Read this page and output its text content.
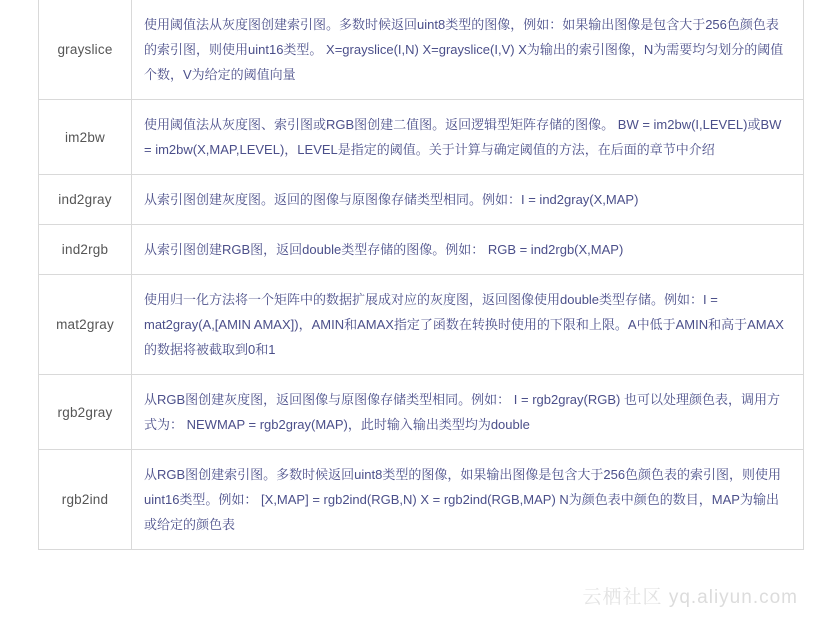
grayslice	使用阈值法从灰度图创建索引图。多数时候返回uint8类型的图像，例如：如果输出图像是包含大于256色颜色表的索引图，则使用uint16类型。 X=grayslice(I,N) X=grayslice(I,V) X为输出的索引图像，N为需要均匀划分的阈值个数，V为给定的阈值向量

im2bw	使用阈值法从灰度图、索引图或RGB图创建二值图。返回逻辑型矩阵存储的图像。 BW = im2bw(I,LEVEL)或BW = im2bw(X,MAP,LEVEL)，LEVEL是指定的阈值。关于计算与确定阈值的方法，在后面的章节中介绍

ind2gray	从索引图创建灰度图。返回的图像与原图像存储类型相同。例如：I = ind2gray(X,MAP)

ind2rgb	从索引图创建RGB图，返回double类型存储的图像。例如： RGB = ind2rgb(X,MAP)

mat2gray	使用归一化方法将一个矩阵中的数据扩展成对应的灰度图，返回图像使用double类型存储。例如：I = mat2gray(A,[AMIN AMAX])，AMIN和AMAX指定了函数在转换时使用的下限和上限。A中低于AMIN和高于AMAX的数据将被截取到0和1

rgb2gray	从RGB图创建灰度图，返回图像与原图像存储类型相同。例如： I = rgb2gray(RGB) 也可以处理颜色表，调用方式为： NEWMAP = rgb2gray(MAP)，此时输入输出类型均为double

rgb2ind	从RGB图创建索引图。多数时候返回uint8类型的图像，如果输出图像是包含大于256色颜色表的索引图，则使用uint16类型。例如： [X,MAP] = rgb2ind(RGB,N) X = rgb2ind(RGB,MAP) N为颜色表中颜色的数目，MAP为输出或给定的颜色表
云栖社区 yq.aliyun.com
